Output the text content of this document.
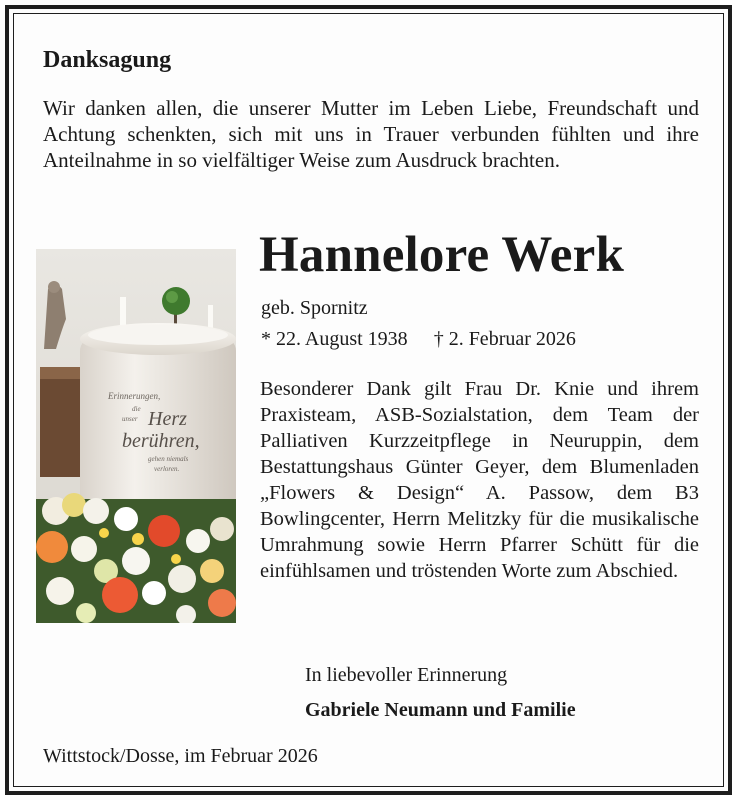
Danksagung

Wir danken allen, die unserer Mutter im Leben Liebe, Freundschaft und Achtung schenkten, sich mit uns in Trauer verbunden fühlten und ihre Anteilnahme in so vielfältiger Weise zum Ausdruck brachten.

Erinnerungen,
die
unser Herz
berühren,
gehen niemals
verloren.
Hannelore Werk
geb. Spornitz
* 22. August 1938 † 2. Februar 2026

Besonderer Dank gilt Frau Dr. Knie und ihrem Praxisteam, ASB-Sozialstation, dem Team der Palliativen Kurzzeitpflege in Neuruppin, dem Bestattungshaus Günter Geyer, dem Blumenladen „Flowers & Design“ A. Passow, dem B3 Bowlingcenter, Herrn Melitzky für die musikalische Umrahmung sowie Herrn Pfarrer Schütt für die einfühlsamen und tröstenden Worte zum Abschied.

In liebevoller Erinnerung
Gabriele Neumann und Familie
Wittstock/Dosse, im Februar 2026
